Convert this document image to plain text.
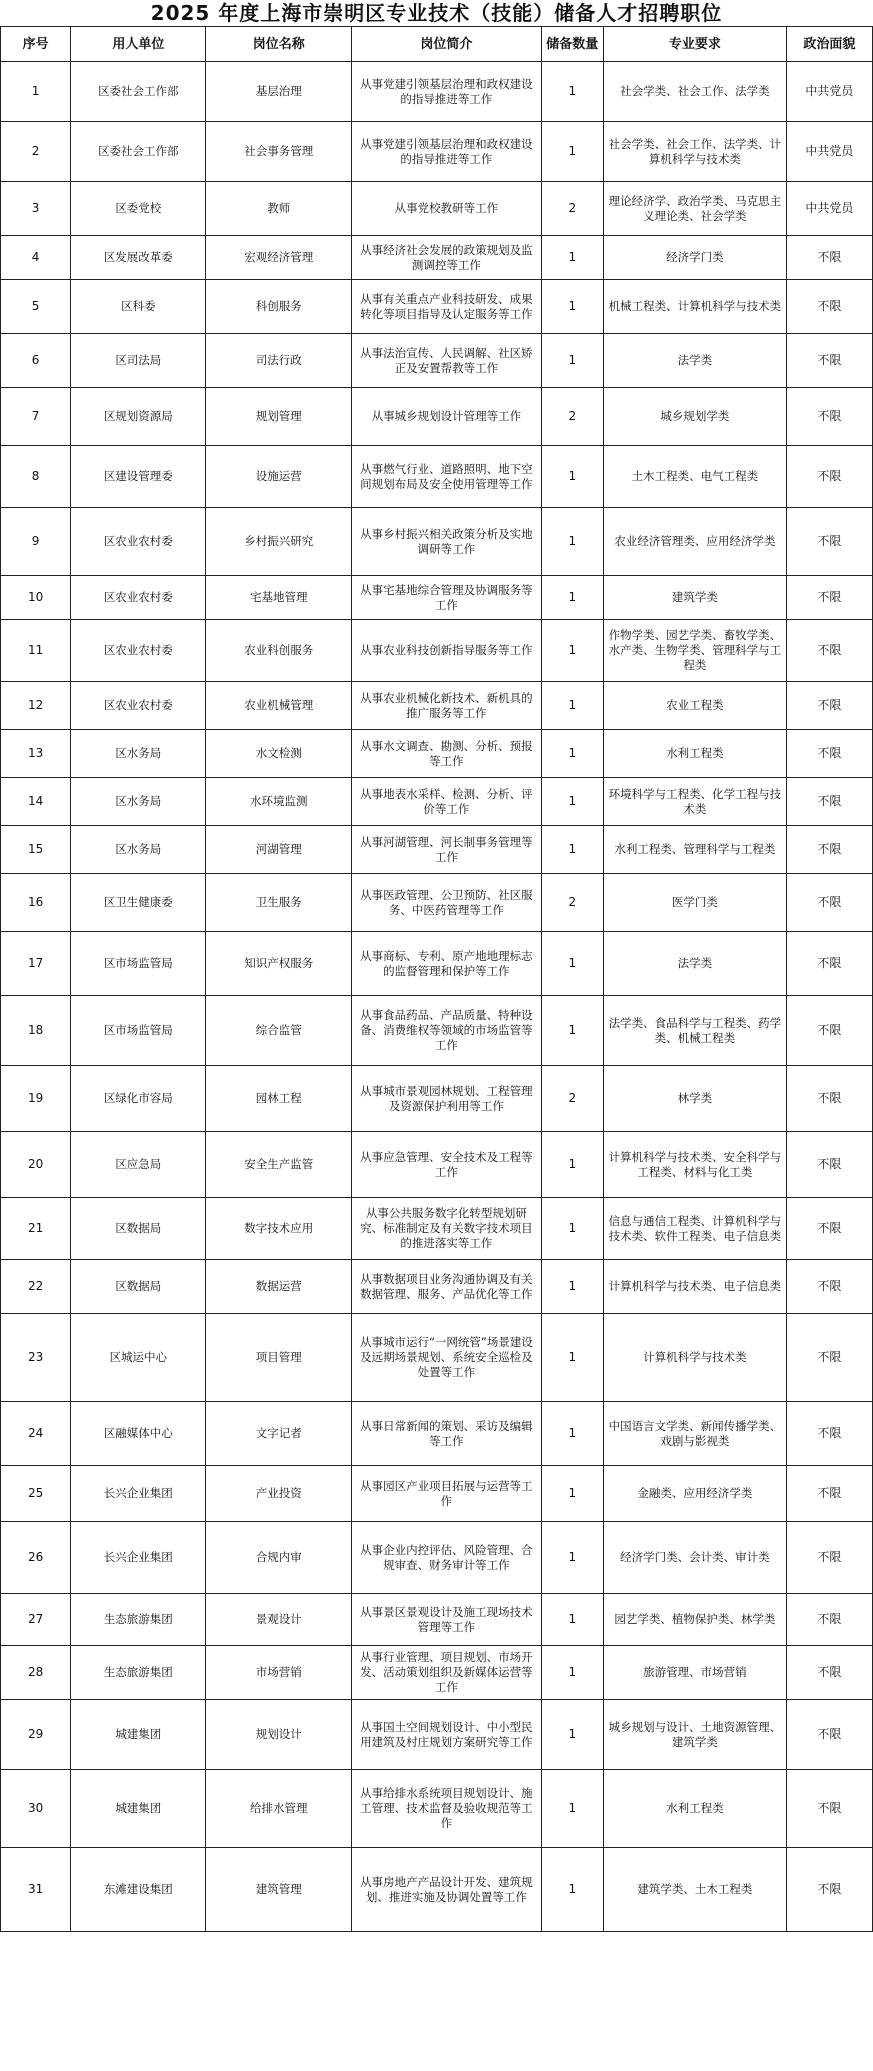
2025 年度上海市崇明区专业技术（技能）储备人才招聘职位
序号	用人单位	岗位名称	岗位简介	储备数量	专业要求	政治面貌
1	区委社会工作部	基层治理	从事党建引领基层治理和政权建设的指导推进等工作	1	社会学类、社会工作、法学类	中共党员
2	区委社会工作部	社会事务管理	从事党建引领基层治理和政权建设的指导推进等工作	1	社会学类、社会工作、法学类、计算机科学与技术类	中共党员
3	区委党校	教师	从事党校教研等工作	2	理论经济学、政治学类、马克思主义理论类、社会学类	中共党员
4	区发展改革委	宏观经济管理	从事经济社会发展的政策规划及监测调控等工作	1	经济学门类	不限
5	区科委	科创服务	从事有关重点产业科技研发、成果转化等项目指导及认定服务等工作	1	机械工程类、计算机科学与技术类	不限
6	区司法局	司法行政	从事法治宣传、人民调解、社区矫正及安置帮教等工作	1	法学类	不限
7	区规划资源局	规划管理	从事城乡规划设计管理等工作	2	城乡规划学类	不限
8	区建设管理委	设施运营	从事燃气行业、道路照明、地下空间规划布局及安全使用管理等工作	1	土木工程类、电气工程类	不限
9	区农业农村委	乡村振兴研究	从事乡村振兴相关政策分析及实地调研等工作	1	农业经济管理类、应用经济学类	不限
10	区农业农村委	宅基地管理	从事宅基地综合管理及协调服务等工作	1	建筑学类	不限
11	区农业农村委	农业科创服务	从事农业科技创新指导服务等工作	1	作物学类、园艺学类、畜牧学类、水产类、生物学类、管理科学与工程类	不限
12	区农业农村委	农业机械管理	从事农业机械化新技术、新机具的推广服务等工作	1	农业工程类	不限
13	区水务局	水文检测	从事水文调查、勘测、分析、预报等工作	1	水利工程类	不限
14	区水务局	水环境监测	从事地表水采样、检测、分析、评价等工作	1	环境科学与工程类、化学工程与技术类	不限
15	区水务局	河湖管理	从事河湖管理、河长制事务管理等工作	1	水利工程类、管理科学与工程类	不限
16	区卫生健康委	卫生服务	从事医政管理、公卫预防、社区服务、中医药管理等工作	2	医学门类	不限
17	区市场监管局	知识产权服务	从事商标、专利、原产地地理标志的监督管理和保护等工作	1	法学类	不限
18	区市场监管局	综合监管	从事食品药品、产品质量、特种设备、消费维权等领域的市场监管等工作	1	法学类、食品科学与工程类、药学类、机械工程类	不限
19	区绿化市容局	园林工程	从事城市景观园林规划、工程管理及资源保护利用等工作	2	林学类	不限
20	区应急局	安全生产监管	从事应急管理、安全技术及工程等工作	1	计算机科学与技术类、安全科学与工程类、材料与化工类	不限
21	区数据局	数字技术应用	从事公共服务数字化转型规划研究、标准制定及有关数字技术项目的推进落实等工作	1	信息与通信工程类、计算机科学与技术类、软件工程类、电子信息类	不限
22	区数据局	数据运营	从事数据项目业务沟通协调及有关数据管理、服务、产品优化等工作	1	计算机科学与技术类、电子信息类	不限
23	区城运中心	项目管理	从事城市运行“一网统管”场景建设及远期场景规划、系统安全巡检及处置等工作	1	计算机科学与技术类	不限
24	区融媒体中心	文字记者	从事日常新闻的策划、采访及编辑等工作	1	中国语言文学类、新闻传播学类、戏剧与影视类	不限
25	长兴企业集团	产业投资	从事园区产业项目拓展与运营等工作	1	金融类、应用经济学类	不限
26	长兴企业集团	合规内审	从事企业内控评估、风险管理、合规审查、财务审计等工作	1	经济学门类、会计类、审计类	不限
27	生态旅游集团	景观设计	从事景区景观设计及施工现场技术管理等工作	1	园艺学类、植物保护类、林学类	不限
28	生态旅游集团	市场营销	从事行业管理、项目规划、市场开发、活动策划组织及新媒体运营等工作	1	旅游管理、市场营销	不限
29	城建集团	规划设计	从事国土空间规划设计、中小型民用建筑及村庄规划方案研究等工作	1	城乡规划与设计、土地资源管理、建筑学类	不限
30	城建集团	给排水管理	从事给排水系统项目规划设计、施工管理、技术监督及验收规范等工作	1	水利工程类	不限
31	东滩建设集团	建筑管理	从事房地产产品设计开发、建筑规划、推进实施及协调处置等工作	1	建筑学类、土木工程类	不限
